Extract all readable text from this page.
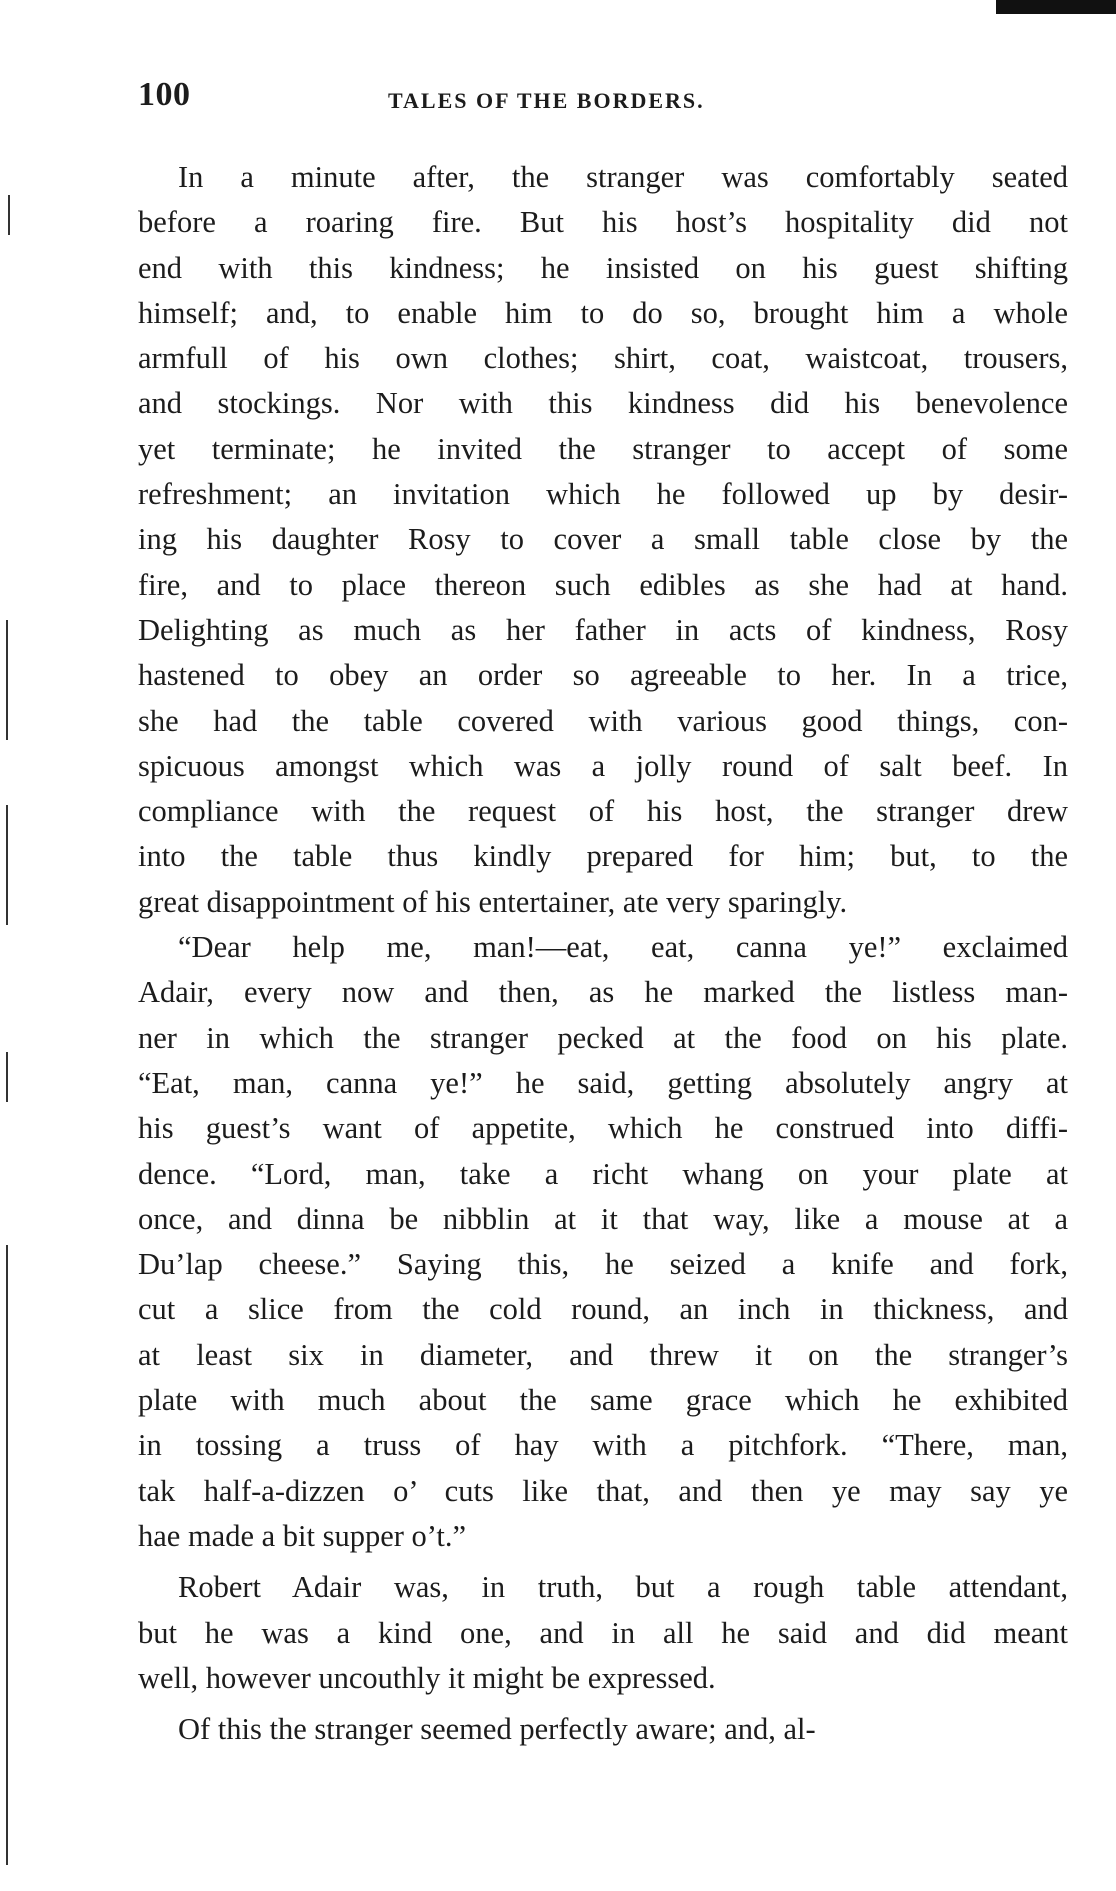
100	TALES OF THE BORDERS.
In a minute after, the stranger was comfortably seated
before a roaring fire. But his host’s hospitality did not
end with this kindness; he insisted on his guest shifting
himself; and, to enable him to do so, brought him a whole
armfull of his own clothes; shirt, coat, waistcoat, trousers,
and stockings. Nor with this kindness did his benevolence
yet terminate; he invited the stranger to accept of some
refreshment; an invitation which he followed up by desir-
ing his daughter Rosy to cover a small table close by the
fire, and to place thereon such edibles as she had at hand.
Delighting as much as her father in acts of kindness, Rosy
hastened to obey an order so agreeable to her. In a trice,
she had the table covered with various good things, con-
spicuous amongst which was a jolly round of salt beef. In
compliance with the request of his host, the stranger drew
into the table thus kindly prepared for him; but, to the
great disappointment of his entertainer, ate very sparingly.
“Dear help me, man!—eat, eat, canna ye!” exclaimed
Adair, every now and then, as he marked the listless man-
ner in which the stranger pecked at the food on his plate.
“Eat, man, canna ye!” he said, getting absolutely angry at
his guest’s want of appetite, which he construed into diffi-
dence. “Lord, man, take a richt whang on your plate at
once, and dinna be nibblin at it that way, like a mouse at a
Du’lap cheese.” Saying this, he seized a knife and fork,
cut a slice from the cold round, an inch in thickness, and
at least six in diameter, and threw it on the stranger’s
plate with much about the same grace which he exhibited
in tossing a truss of hay with a pitchfork. “There, man,
tak half-a-dizzen o’ cuts like that, and then ye may say ye
hae made a bit supper o’t.”
Robert Adair was, in truth, but a rough table attendant,
but he was a kind one, and in all he said and did meant
well, however uncouthly it might be expressed.
Of this the stranger seemed perfectly aware; and, al-
